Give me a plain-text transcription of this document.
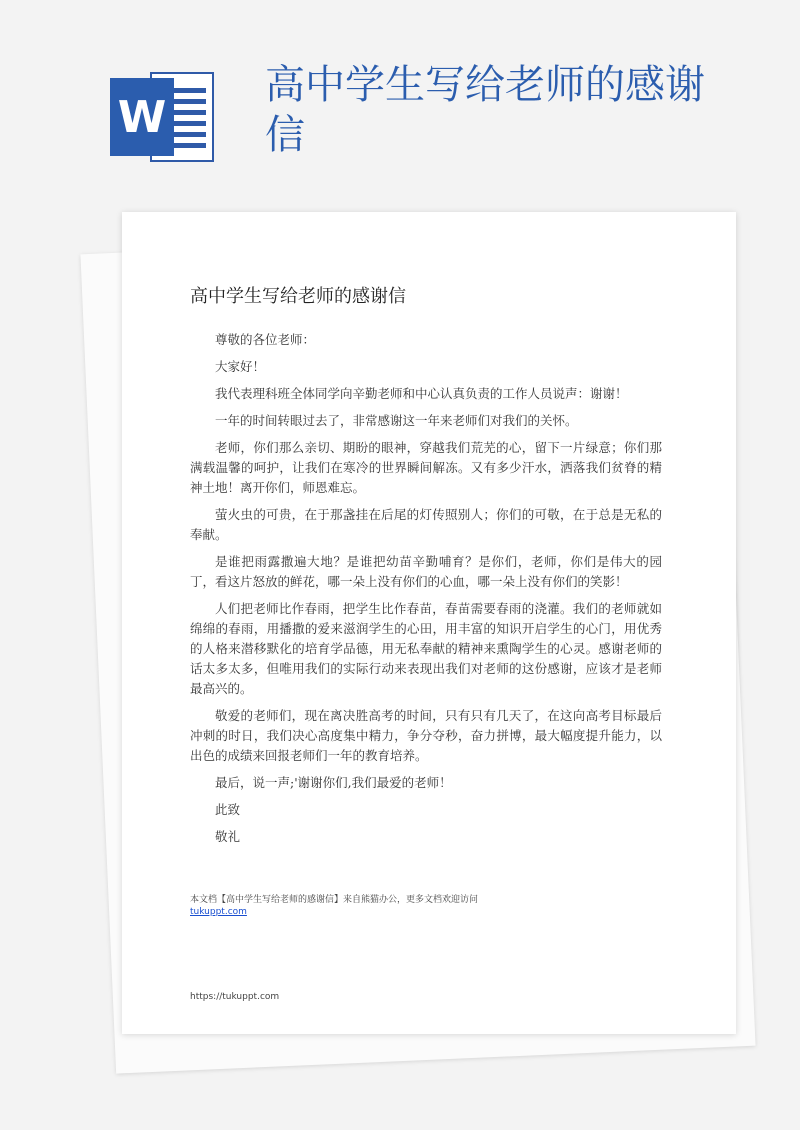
W
高中学生写给老师的感谢信
高中学生写给老师的感谢信

尊敬的各位老师：

大家好！

我代表理科班全体同学向辛勤老师和中心认真负责的工作人员说声：谢谢！

一年的时间转眼过去了，非常感谢这一年来老师们对我们的关怀。

老师，你们那么亲切、期盼的眼神，穿越我们荒芜的心，留下一片绿意；你们那满载温馨的呵护，让我们在寒冷的世界瞬间解冻。又有多少汗水，洒落我们贫脊的精神土地！离开你们，师恩难忘。

萤火虫的可贵，在于那盏挂在后尾的灯传照别人；你们的可敬，在于总是无私的奉献。

是谁把雨露撒遍大地？是谁把幼苗辛勤哺育？是你们，老师，你们是伟大的园丁，看这片怒放的鲜花，哪一朵上没有你们的心血，哪一朵上没有你们的笑影！

人们把老师比作春雨，把学生比作春苗，春苗需要春雨的浇灌。我们的老师就如绵绵的春雨，用播撒的爱来滋润学生的心田，用丰富的知识开启学生的心门，用优秀的人格来潜移默化的培育学品德，用无私奉献的精神来熏陶学生的心灵。感谢老师的话太多太多，但唯用我们的实际行动来表现出我们对老师的这份感谢，应该才是老师最高兴的。

敬爱的老师们，现在离决胜高考的时间，只有只有几天了，在这向高考目标最后冲刺的时日，我们决心高度集中精力，争分夺秒，奋力拼博，最大幅度提升能力，以出色的成绩来回报老师们一年的教育培养。

最后，说一声;'谢谢你们,我们最爱的老师！

此致

敬礼

本文档【高中学生写给老师的感谢信】来自熊猫办公，更多文档欢迎访问
tukuppt.com
https://tukuppt.com
